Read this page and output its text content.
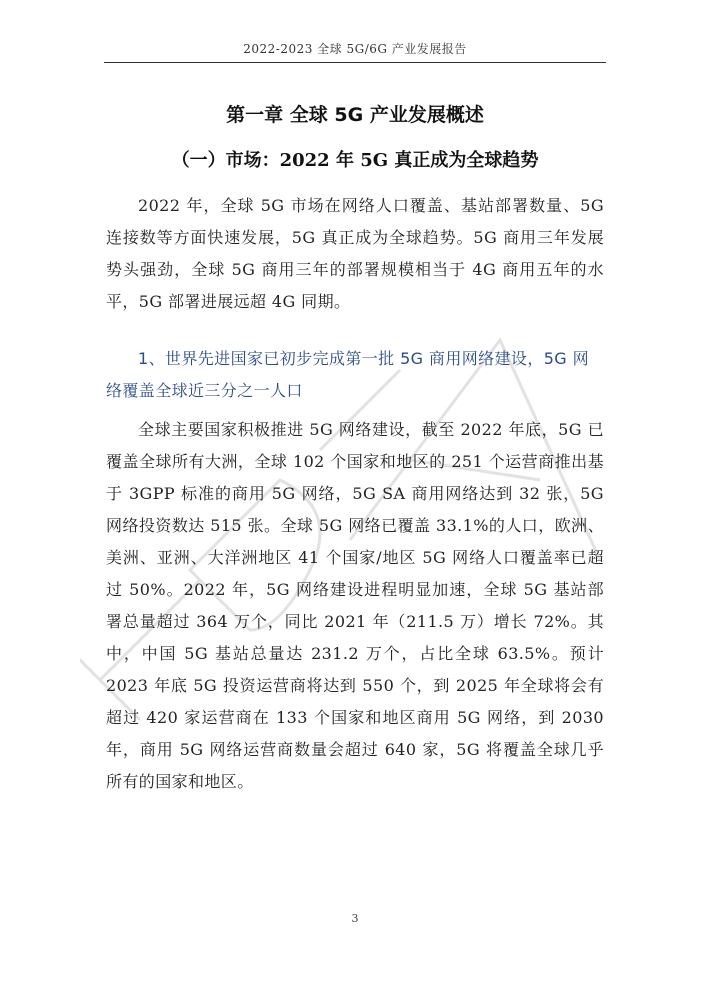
2022-2023 全球 5G/6G 产业发展报告
第一章 全球 5G 产业发展概述
（一）市场：2022 年 5G 真正成为全球趋势

2022 年，全球 5G 市场在网络人口覆盖、基站部署数量、5G 连接数等方面快速发展，5G 真正成为全球趋势。5G 商用三年发展势头强劲，全球 5G 商用三年的部署规模相当于 4G 商用五年的水平，5G 部署进展远超 4G 同期。

1、世界先进国家已初步完成第一批 5G 商用网络建设，5G 网络覆盖全球近三分之一人口

全球主要国家积极推进 5G 网络建设，截至 2022 年底，5G 已覆盖全球所有大洲，全球 102 个国家和地区的 251 个运营商推出基于 3GPP 标准的商用 5G 网络，5G SA 商用网络达到 32 张，5G 网络投资数达 515 张。全球 5G 网络已覆盖 33.1%的人口，欧洲、美洲、亚洲、大洋洲地区 41 个国家/地区 5G 网络人口覆盖率已超过 50%。2022 年，5G 网络建设进程明显加速，全球 5G 基站部署总量超过 364 万个，同比 2021 年（211.5 万）增长 72%。其中，中国 5G 基站总量达 231.2 万个，占比全球 63.5%。预计 2023 年底 5G 投资运营商将达到 550 个，到 2025 年全球将会有超过 420 家运营商在 133 个国家和地区商用 5G 网络，到 2030 年，商用 5G 网络运营商数量会超过 640 家，5G 将覆盖全球几乎所有的国家和地区。

3
